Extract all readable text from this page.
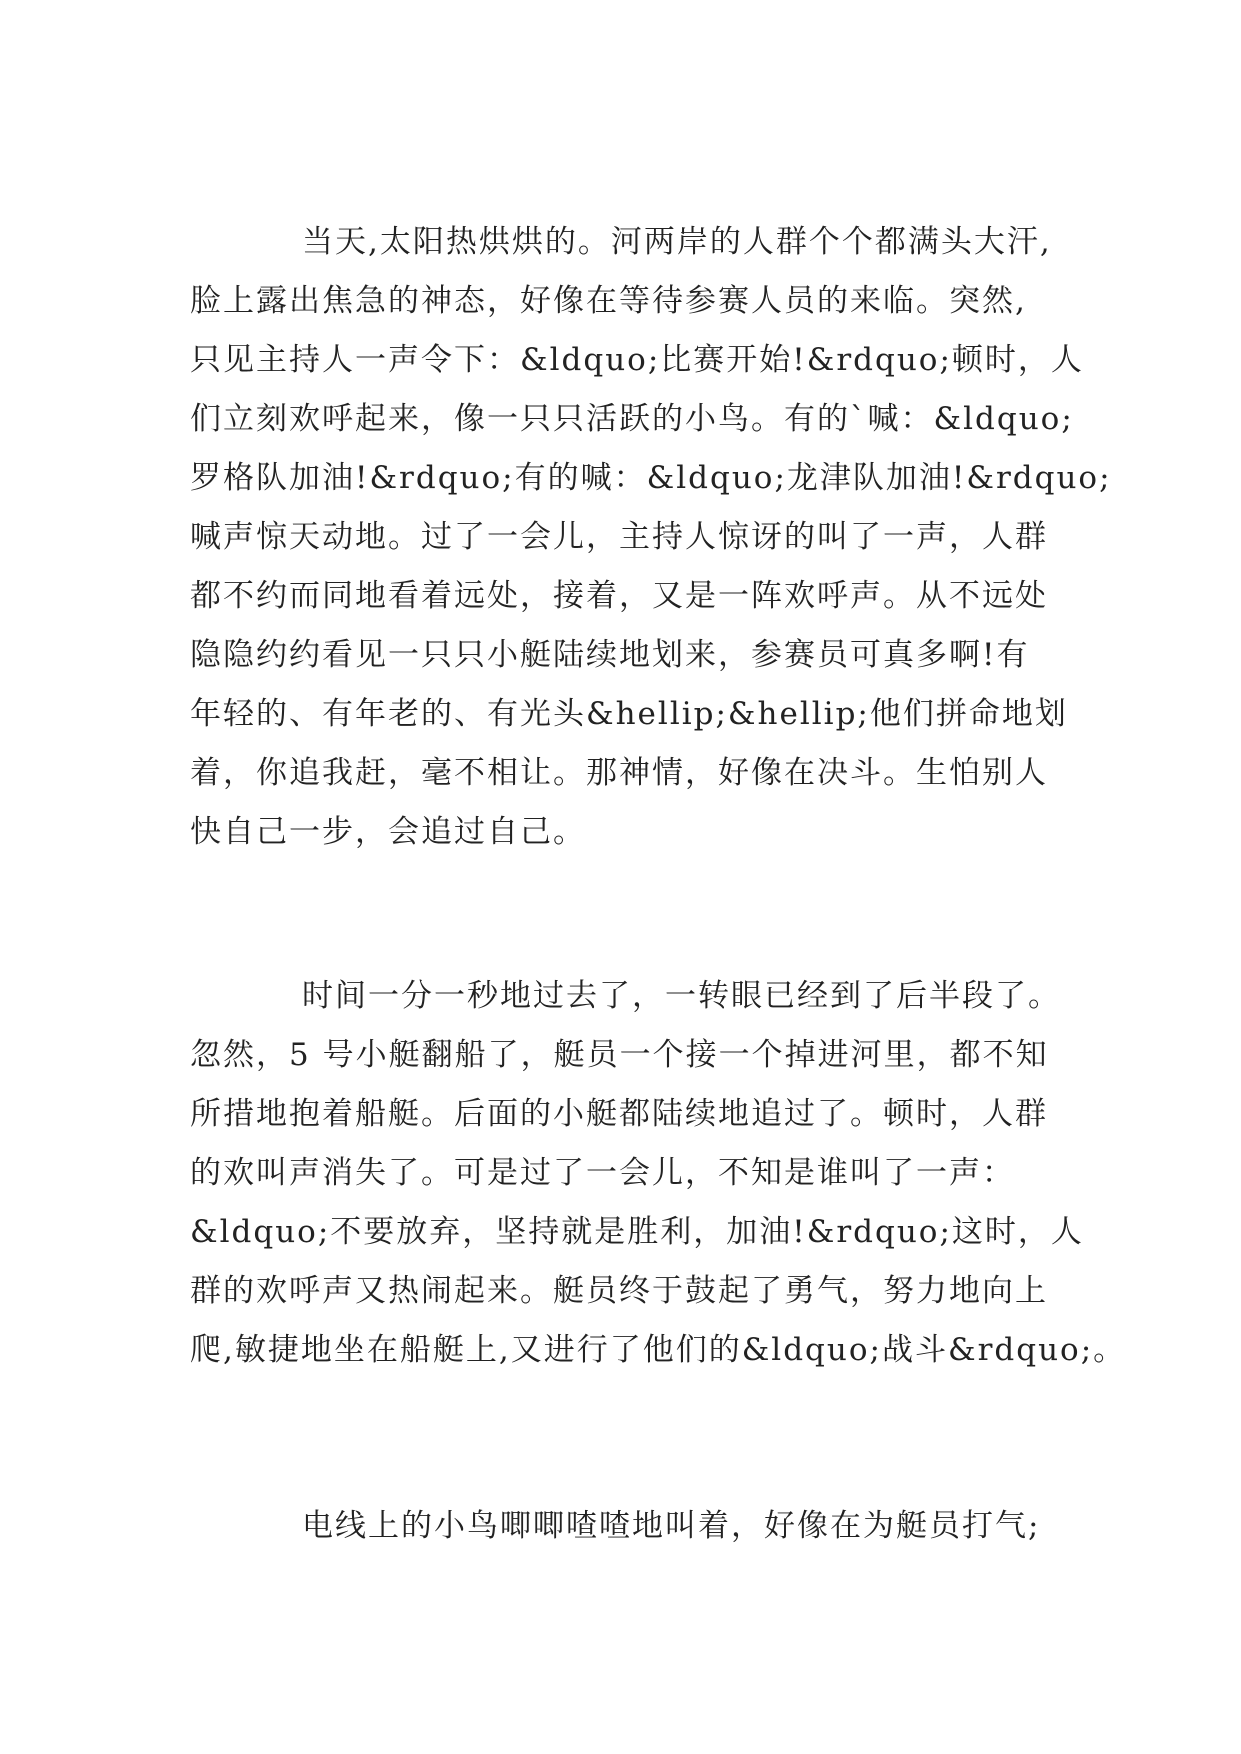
当天,太阳热烘烘的。河两岸的人群个个都满头大汗,
脸上露出焦急的神态，好像在等待参赛人员的来临。突然,
只见主持人一声令下：&ldquo;比赛开始!&rdquo;顿时，人
们立刻欢呼起来，像一只只活跃的小鸟。有的`喊：&ldquo;
罗格队加油!&rdquo;有的喊：&ldquo;龙津队加油!&rdquo;
喊声惊天动地。过了一会儿，主持人惊讶的叫了一声，人群
都不约而同地看着远处，接着，又是一阵欢呼声。从不远处
隐隐约约看见一只只小艇陆续地划来，参赛员可真多啊!有
年轻的、有年老的、有光头&hellip;&hellip;他们拼命地划
着，你追我赶，毫不相让。那神情，好像在决斗。生怕别人
快自己一步，会追过自己。
时间一分一秒地过去了，一转眼已经到了后半段了。
忽然，5 号小艇翻船了，艇员一个接一个掉进河里，都不知
所措地抱着船艇。后面的小艇都陆续地追过了。顿时，人群
的欢叫声消失了。可是过了一会儿，不知是谁叫了一声：
&ldquo;不要放弃，坚持就是胜利，加油!&rdquo;这时，人
群的欢呼声又热闹起来。艇员终于鼓起了勇气，努力地向上
爬,敏捷地坐在船艇上,又进行了他们的&ldquo;战斗&rdquo;。
电线上的小鸟唧唧喳喳地叫着，好像在为艇员打气;
